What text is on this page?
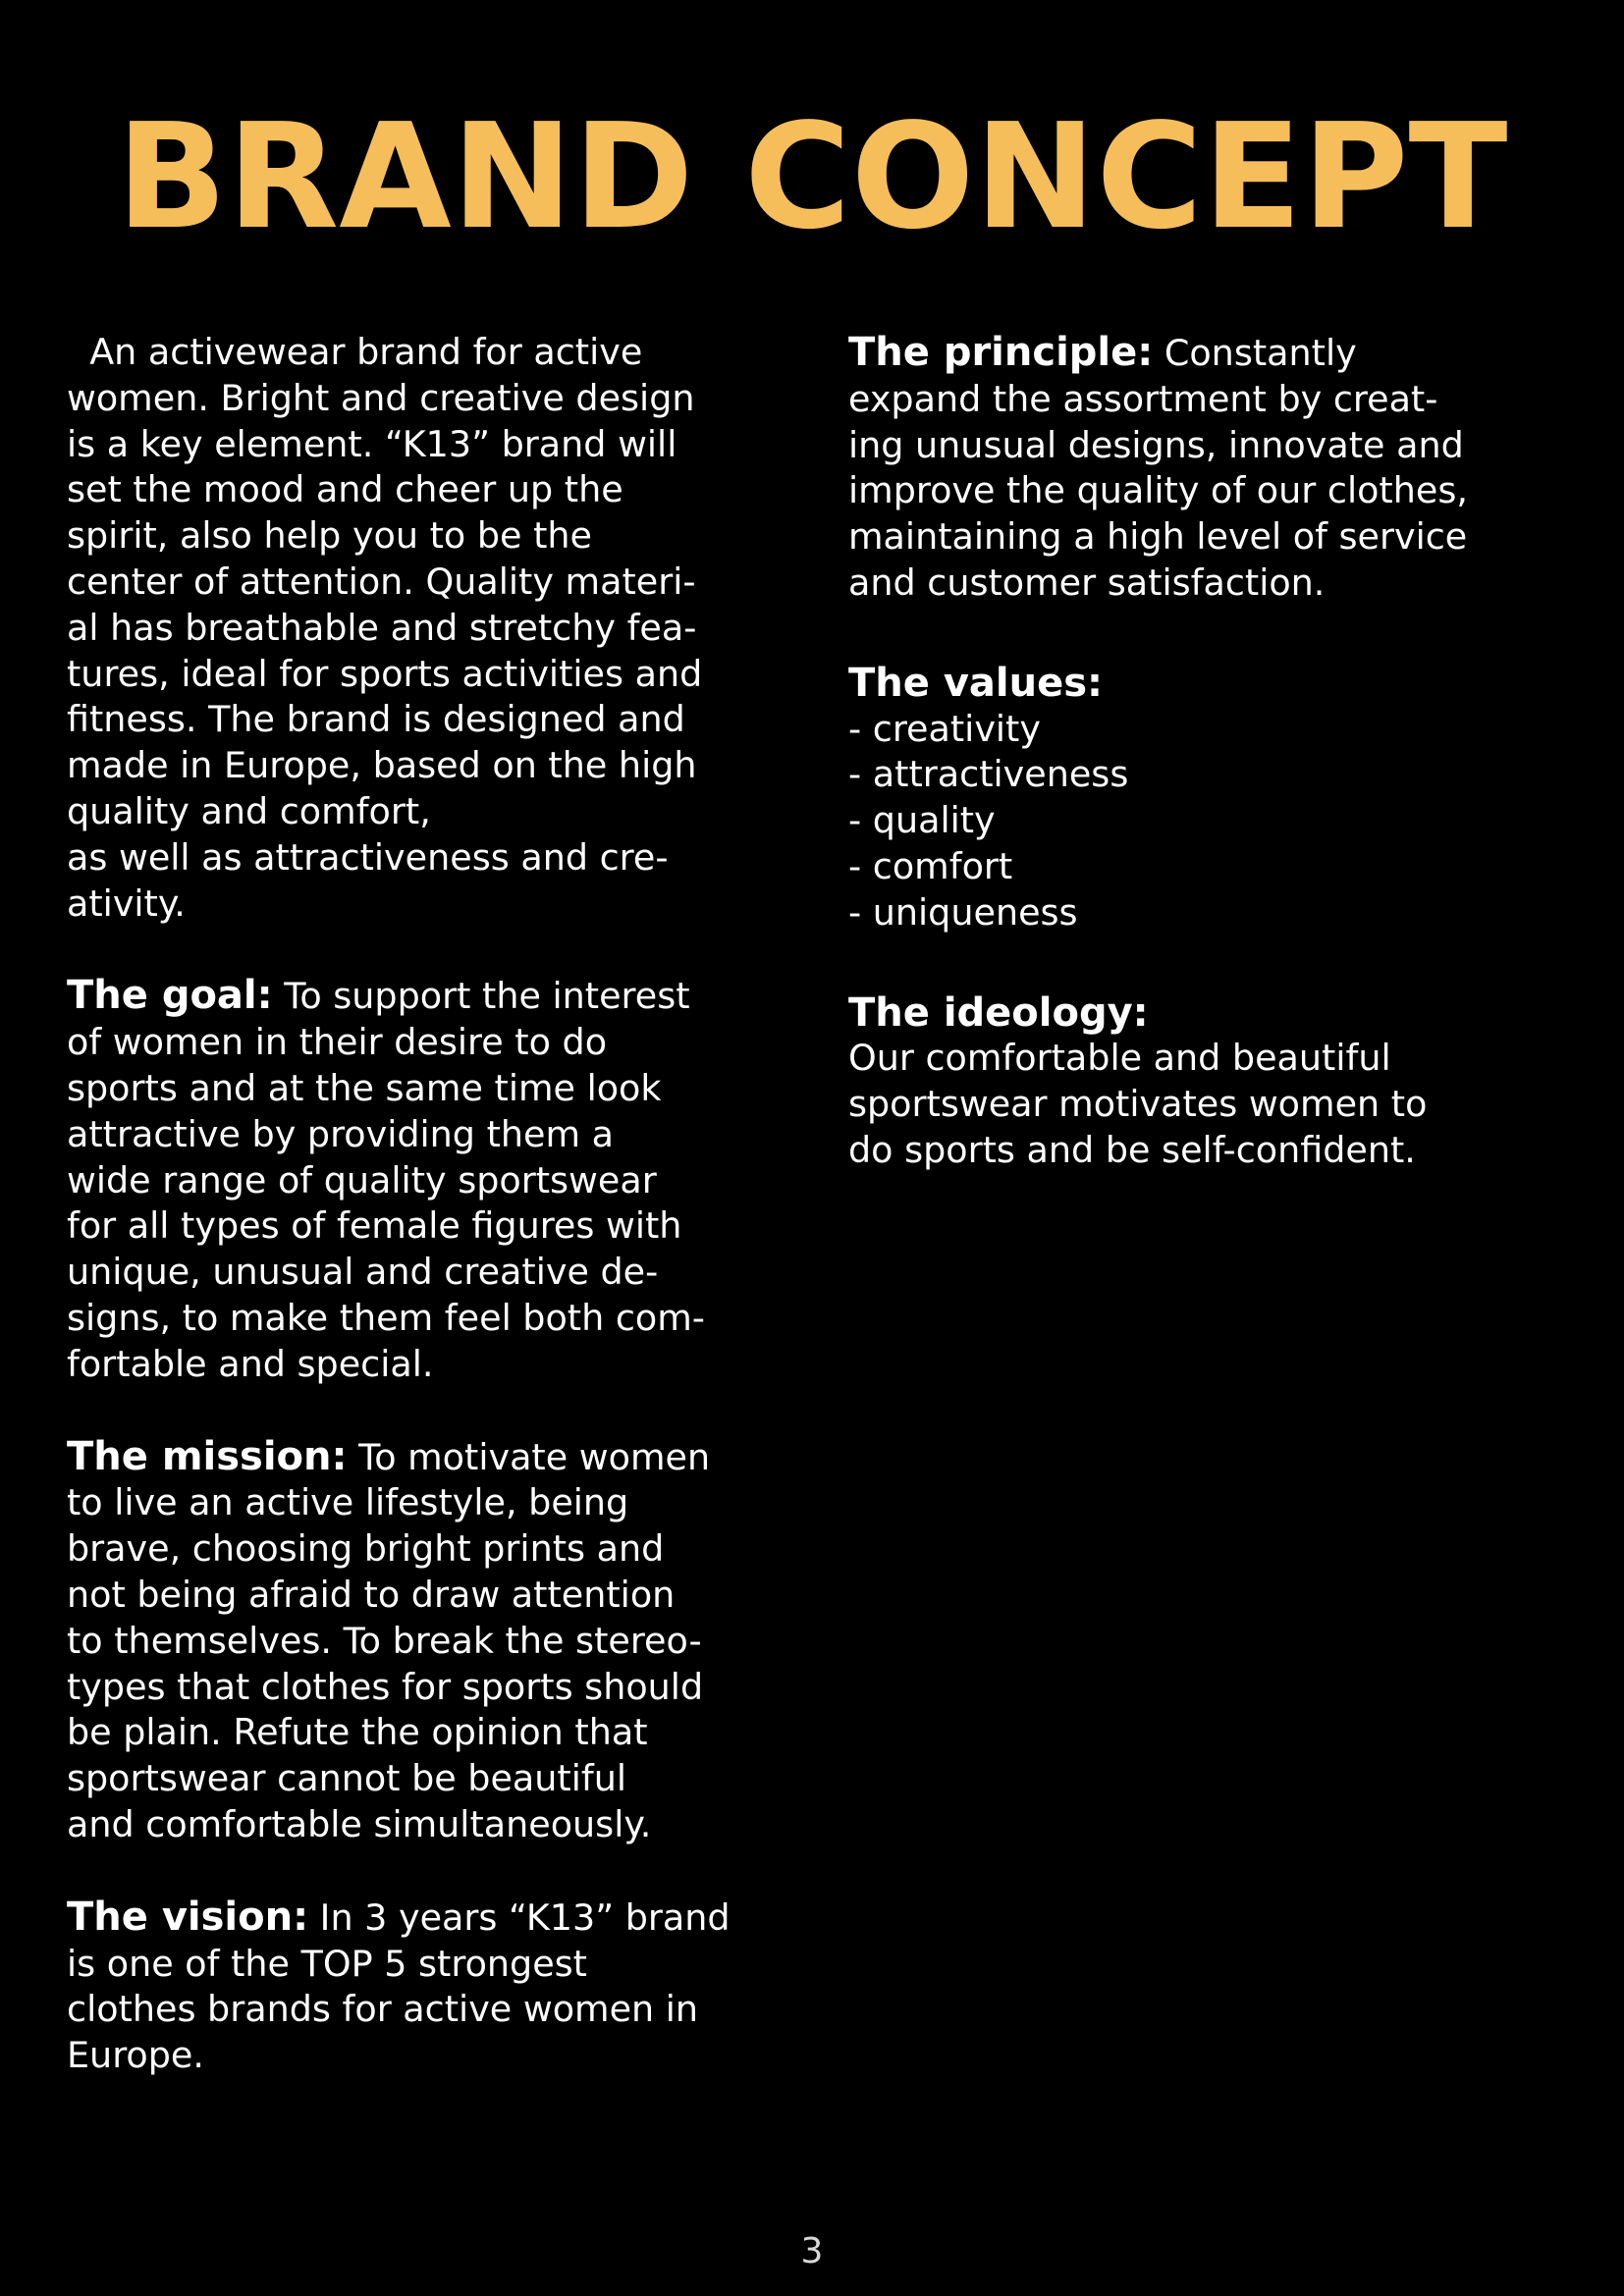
BRAND CONCEPT
An activewear brand for active
women. Bright and creative design
is a key element. “K13” brand will
set the mood and cheer up the
spirit, also help you to be the
center of attention. Quality materi-
al has breathable and stretchy fea-
tures, ideal for sports activities and
fitness. The brand is designed and
made in Europe, based on the high
quality and comfort,
as well as attractiveness and cre-
ativity.
The goal: To support the interest
of women in their desire to do
sports and at the same time look
attractive by providing them a
wide range of quality sportswear
for all types of female figures with
unique, unusual and creative de-
signs, to make them feel both com-
fortable and special.
The mission: To motivate women
to live an active lifestyle, being
brave, choosing bright prints and
not being afraid to draw attention
to themselves. To break the stereo-
types that clothes for sports should
be plain. Refute the opinion that
sportswear cannot be beautiful
and comfortable simultaneously.
The vision: In 3 years “K13” brand
is one of the TOP 5 strongest
clothes brands for active women in
Europe.
The principle: Constantly
expand the assortment by creat-
ing unusual designs, innovate and
improve the quality of our clothes,
maintaining a high level of service
and customer satisfaction.
The values:
- creativity
- attractiveness
- quality
- comfort
- uniqueness
The ideology:
Our comfortable and beautiful
sportswear motivates women to
do sports and be self-confident.
3
